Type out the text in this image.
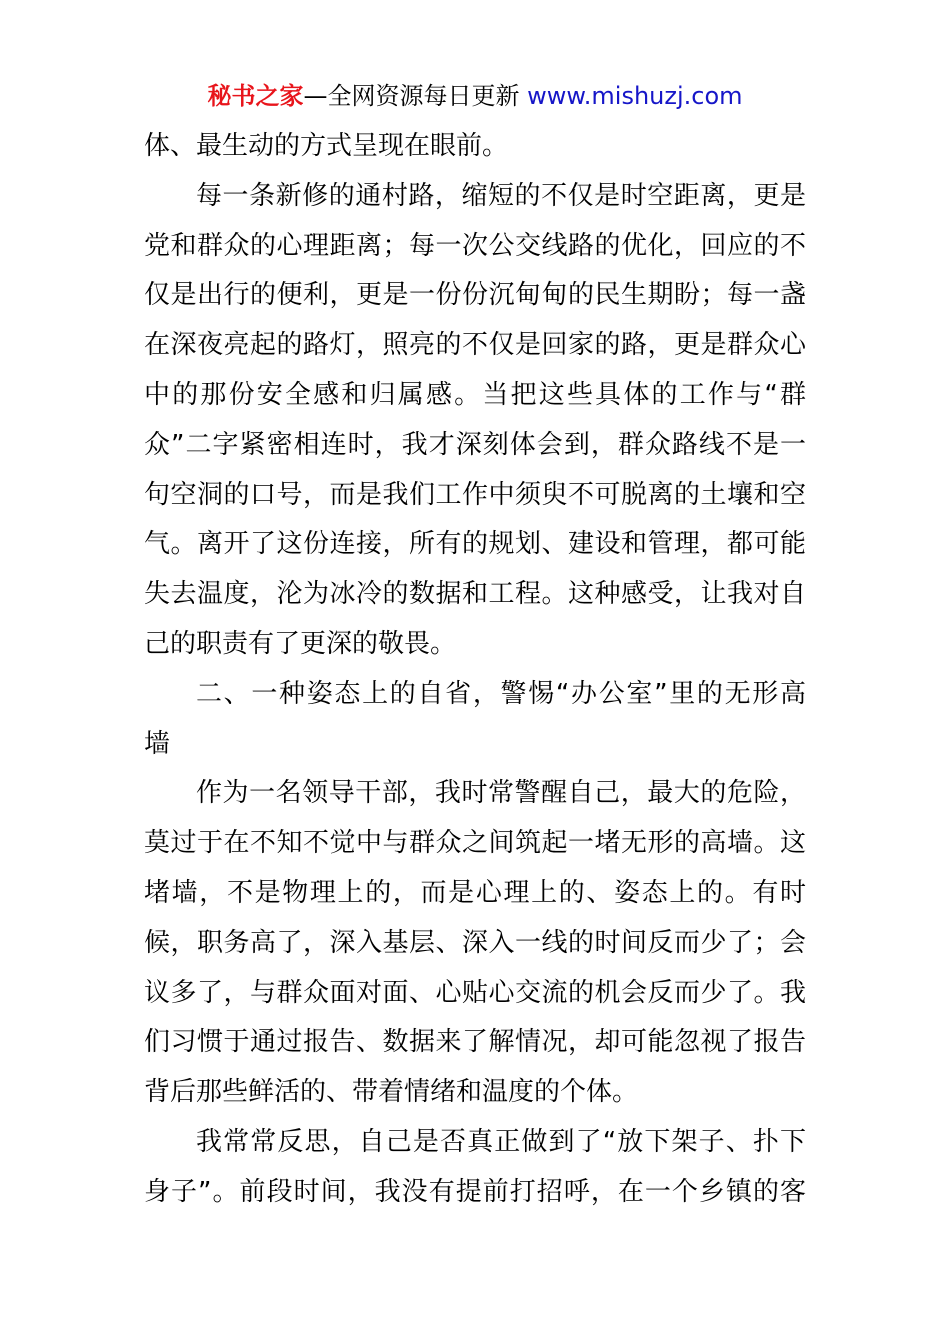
秘书之家—全网资源每日更新 www.mishuzj.com
体、最生动的方式呈现在眼前。
每一条新修的通村路，缩短的不仅是时空距离，更是
党和群众的心理距离；每一次公交线路的优化，回应的不
仅是出行的便利，更是一份份沉甸甸的民生期盼；每一盏
在深夜亮起的路灯，照亮的不仅是回家的路，更是群众心
中的那份安全感和归属感。当把这些具体的工作与“群
众”二字紧密相连时，我才深刻体会到，群众路线不是一
句空洞的口号，而是我们工作中须臾不可脱离的土壤和空
气。离开了这份连接，所有的规划、建设和管理，都可能
失去温度，沦为冰冷的数据和工程。这种感受，让我对自
己的职责有了更深的敬畏。
二、一种姿态上的自省，警惕“办公室”里的无形高
墙
作为一名领导干部，我时常警醒自己，最大的危险，
莫过于在不知不觉中与群众之间筑起一堵无形的高墙。这
堵墙，不是物理上的，而是心理上的、姿态上的。有时
候，职务高了，深入基层、深入一线的时间反而少了；会
议多了，与群众面对面、心贴心交流的机会反而少了。我
们习惯于通过报告、数据来了解情况，却可能忽视了报告
背后那些鲜活的、带着情绪和温度的个体。
我常常反思，自己是否真正做到了“放下架子、扑下
身子”。前段时间，我没有提前打招呼，在一个乡镇的客
